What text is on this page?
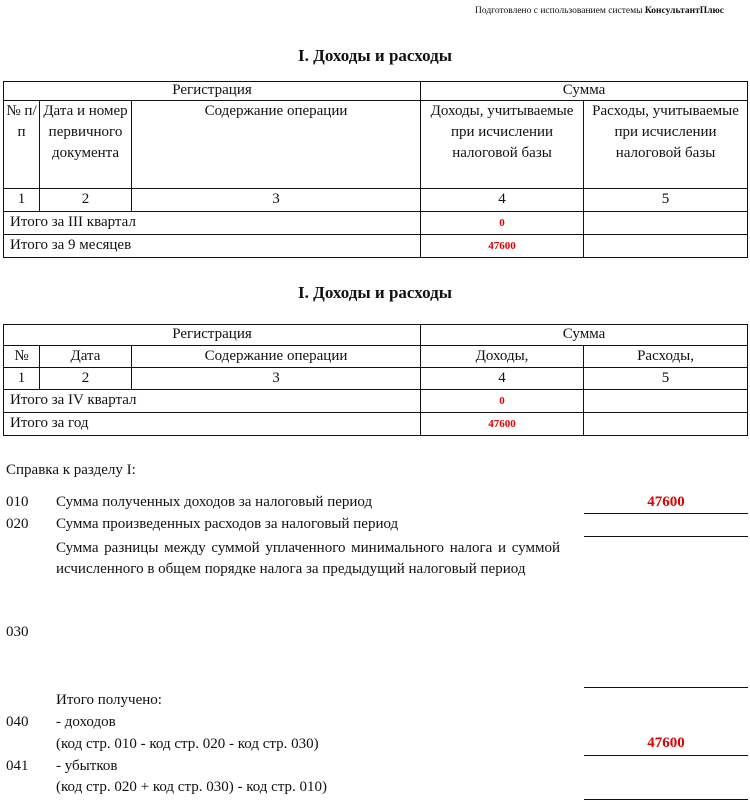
Подготовлено с использованием системы КонсультантПлюс
I. Доходы и расходы
Регистрация			Сумма	
№ п/п	Дата и номер первичного документа	Содержание операции	Доходы, учитываемые при исчислении налоговой базы	Расходы, учитываемые при исчислении налоговой базы
1	2	3	4	5
Итого за III квартал			0	
Итого за 9 месяцев			47600	
I. Доходы и расходы
Регистрация			Сумма	
№	Дата	Содержание операции	Доходы,	Расходы,
1	2	3	4	5
Итого за IV квартал			0	
Итого за год			47600	
Справка к разделу I:
010 Сумма полученных доходов за налоговый период	47600
020 Сумма произведенных расходов за налоговый период
Сумма разницы между суммой уплаченного минимального налога и суммой исчисленного в общем порядке налога за предыдущий налоговый период
030
Итого получено:
040 - доходов
(код стр. 010 - код стр. 020 - код стр. 030)	47600
041 - убытков
(код стр. 020 + код стр. 030) - код стр. 010)
